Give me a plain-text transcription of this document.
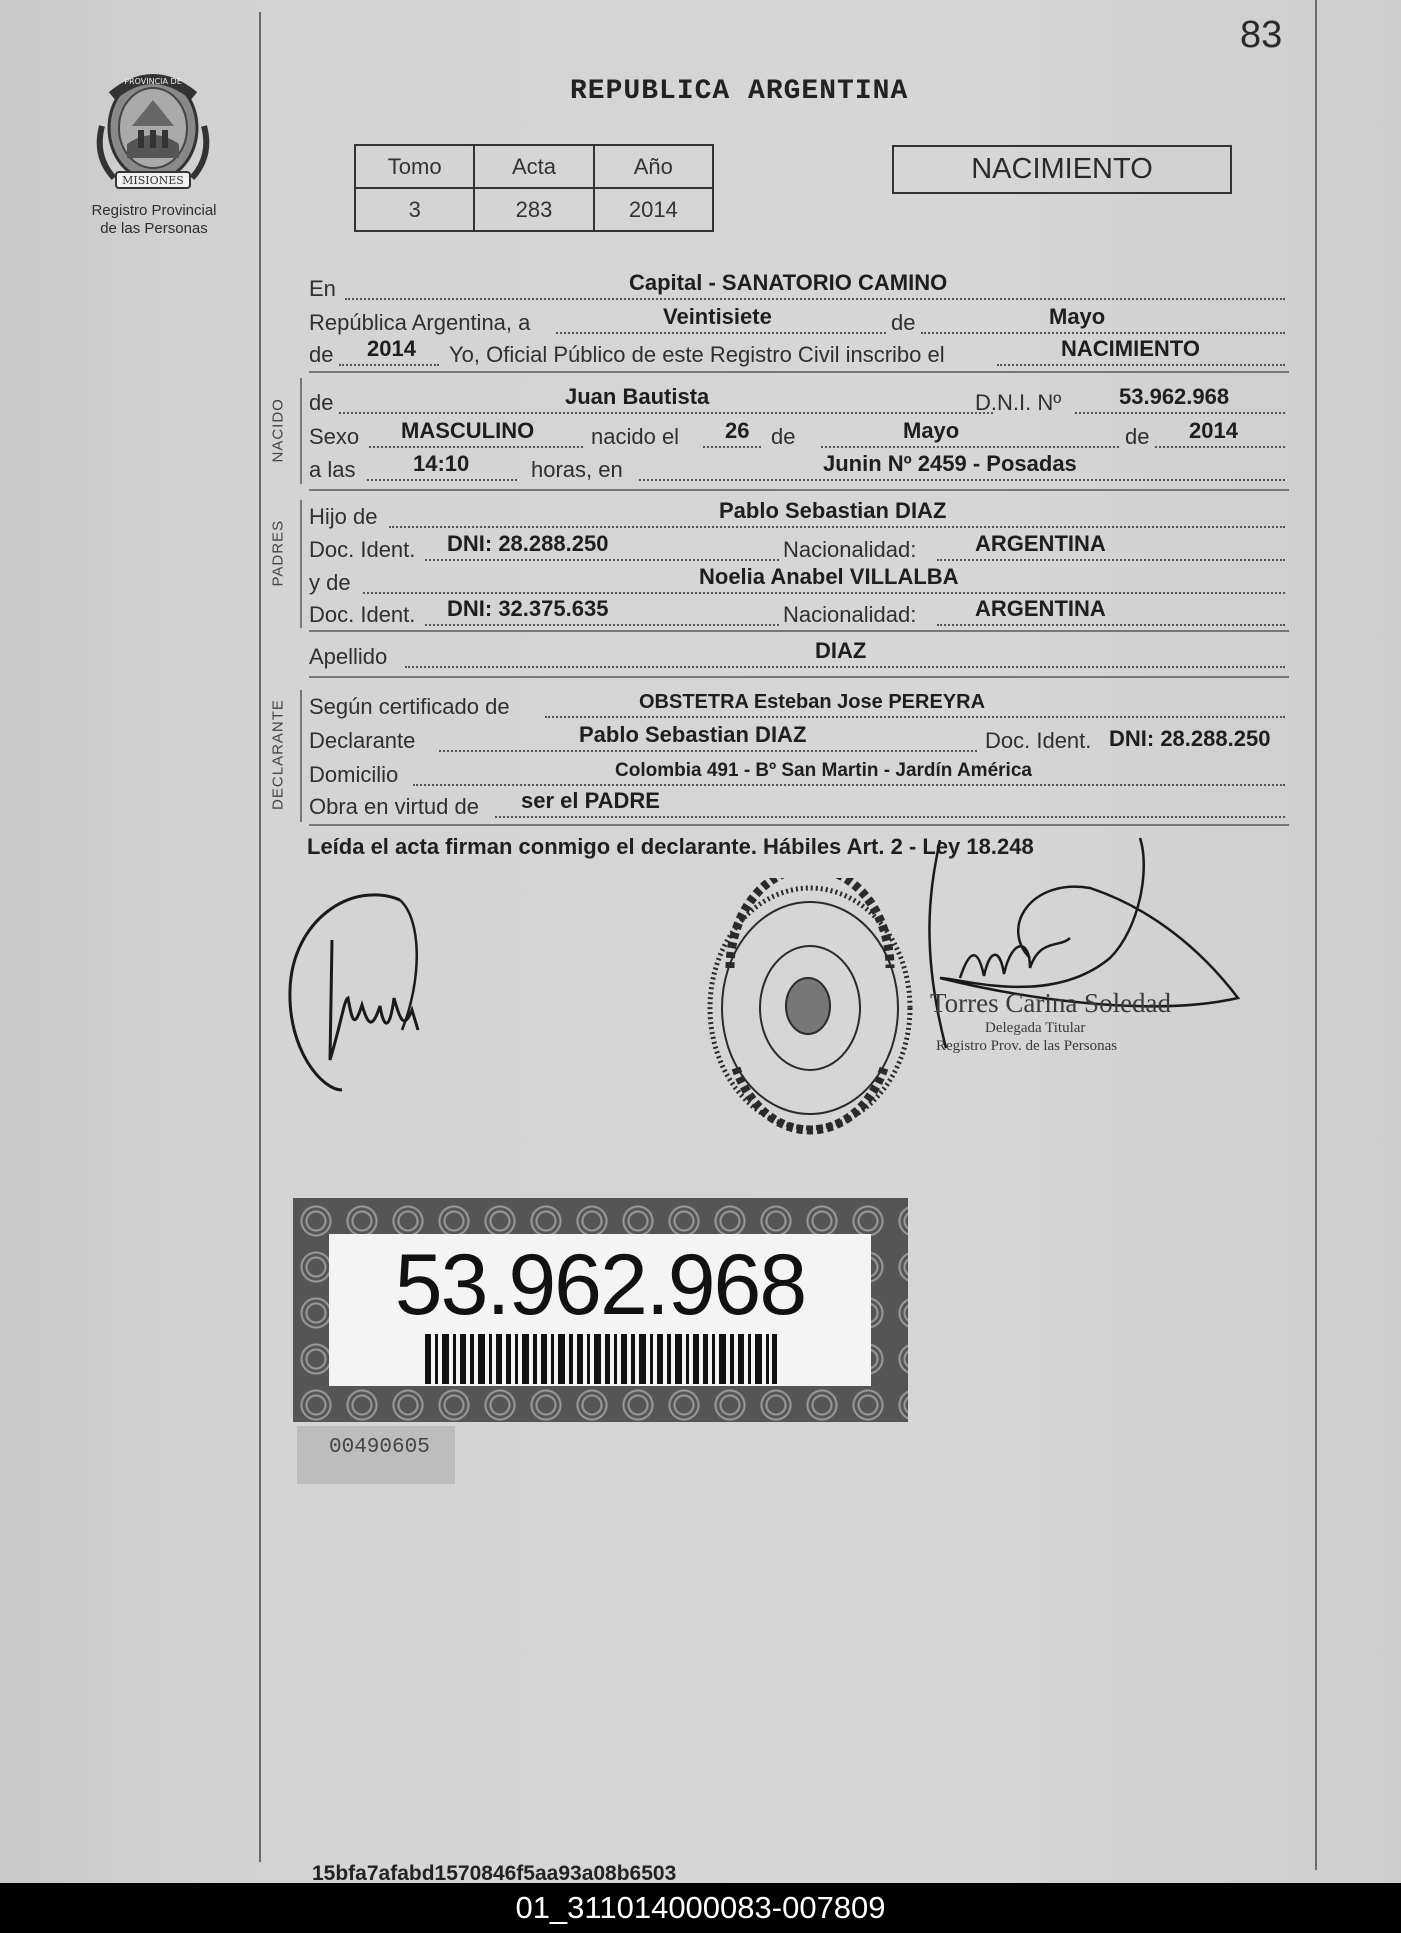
83
PROVINCIA DE
MISIONES
Registro Provincial
de las Personas
REPUBLICA ARGENTINA
Tomo	Acta	Año
3	283	2014
NACIMIENTO
En	Capital - SANATORIO CAMINO
República Argentina, a	Veintisiete	de	Mayo
de 2014 Yo, Oficial Público de este Registro Civil inscribo el	NACIMIENTO
NACIDO de	Juan Bautista	D.N.I. Nº	53.962.968
Sexo MASCULINO	nacido el 26 de	Mayo	de 2014
a las	14:10	horas, en	Junin Nº 2459 - Posadas
PADRES
Hijo de	Pablo Sebastian DIAZ
Doc. Ident. DNI: 28.288.250	Nacionalidad:	ARGENTINA
y de	Noelia Anabel VILLALBA
Doc. Ident. DNI: 32.375.635	Nacionalidad:	ARGENTINA
Apellido	DIAZ
DECLARANTE Según certificado de	OBSTETRA Esteban Jose PEREYRA
Declarante	Pablo Sebastian DIAZ	Doc. Ident. DNI: 28.288.250
Domicilio	Colombia 491 - Bº San Martin - Jardín América
Obra en virtud de ser el PADRE
Leída el acta firman conmigo el declarante. Hábiles Art. 2 - Ley 18.248
Torres Carina Soledad
Delegada Titular
Registro Prov. de las Personas
53.962.968
00490605
15bfa7afabd1570846f5aa93a08b6503
01_311014000083-007809
